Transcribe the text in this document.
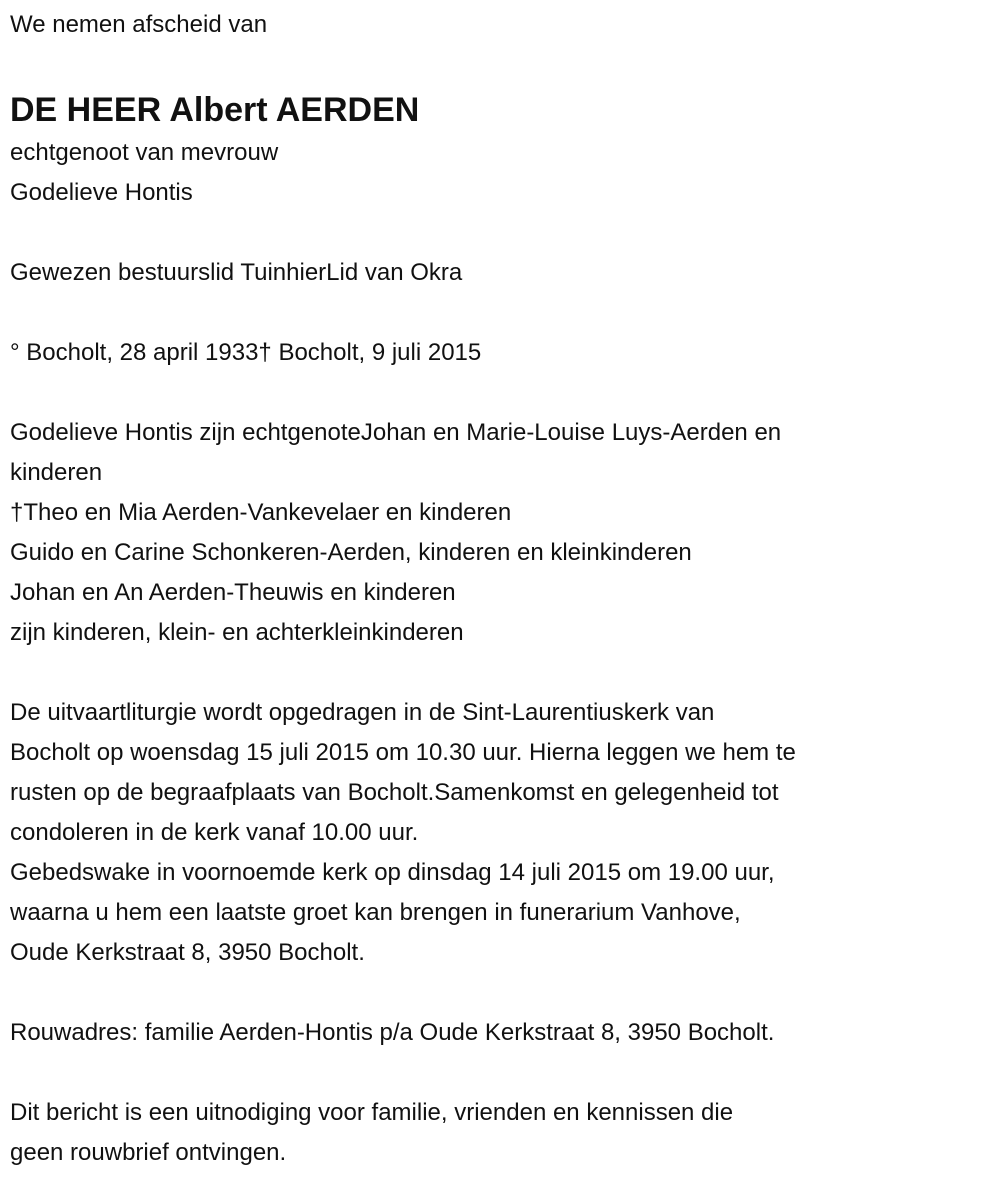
We nemen afscheid van
DE HEER Albert AERDEN
echtgenoot van mevrouw
Godelieve Hontis
Gewezen bestuurslid TuinhierLid van Okra
° Bocholt, 28 april 1933† Bocholt, 9 juli 2015
Godelieve Hontis zijn echtgenoteJohan en Marie-Louise Luys-Aerden en
kinderen
†Theo en Mia Aerden-Vankevelaer en kinderen
Guido en Carine Schonkeren-Aerden, kinderen en kleinkinderen
Johan en An Aerden-Theuwis en kinderen
zijn kinderen, klein- en achterkleinkinderen
De uitvaartliturgie wordt opgedragen in de Sint-Laurentiuskerk van
Bocholt op woensdag 15 juli 2015 om 10.30 uur. Hierna leggen we hem te
rusten op de begraafplaats van Bocholt.Samenkomst en gelegenheid tot
condoleren in de kerk vanaf 10.00 uur.
Gebedswake in voornoemde kerk op dinsdag 14 juli 2015 om 19.00 uur,
waarna u hem een laatste groet kan brengen in funerarium Vanhove,
Oude Kerkstraat 8, 3950 Bocholt.
Rouwadres: familie Aerden-Hontis p/a Oude Kerkstraat 8, 3950 Bocholt.
Dit bericht is een uitnodiging voor familie, vrienden en kennissen die
geen rouwbrief ontvingen.
